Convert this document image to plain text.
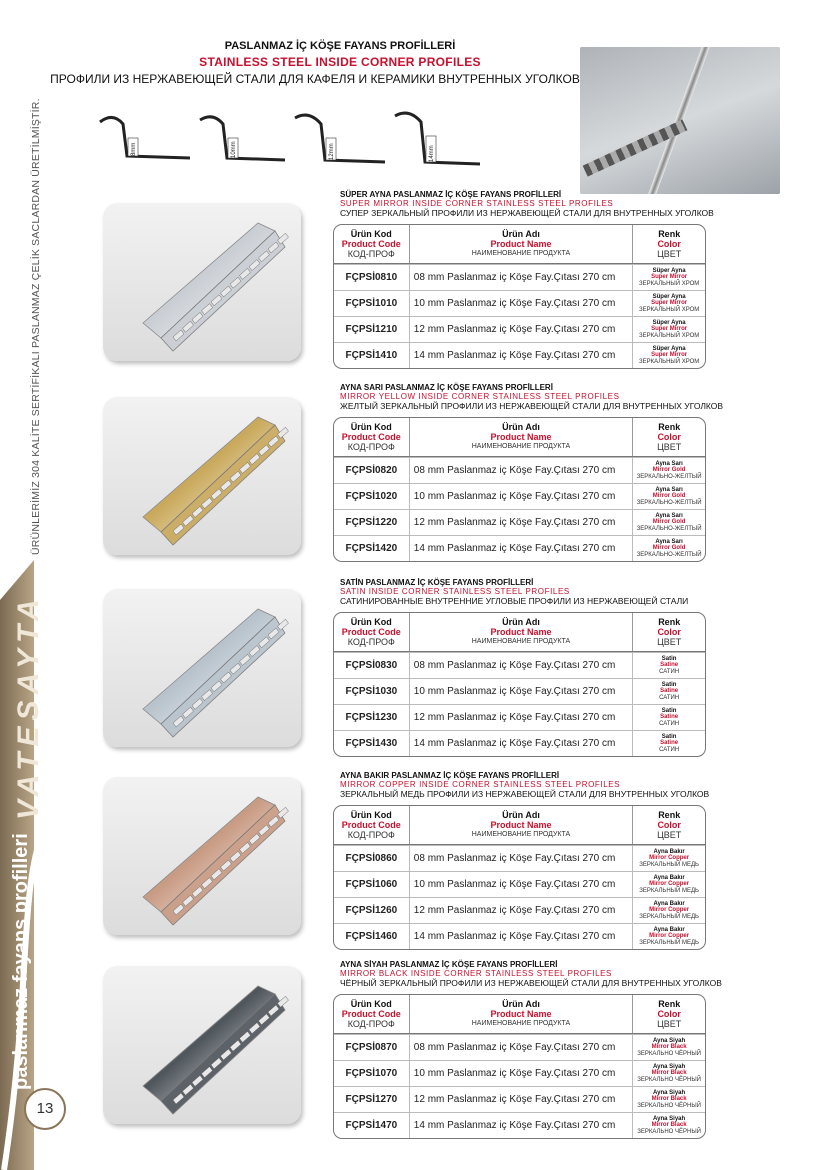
ÜRÜNLERİMİZ 304 KALİTE SERTİFİKALI PASLANMAZ ÇELİK SACLARDAN ÜRETİLMİŞTİR.
VATESAYTA
paslanmaz fayans profilleri
13
PASLANMAZ İÇ KÖŞE FAYANS PROFİLLERİ
STAINLESS STEEL INSIDE CORNER PROFILES
ПРОФИЛИ ИЗ НЕРЖАВЕЮЩЕЙ СТАЛИ ДЛЯ КАФЕЛЯ И КЕРАМИКИ ВНУТРЕННЫХ УГОЛКОВ
8mm	10mm	12mm	14mm
SÜPER AYNA PASLANMAZ İÇ KÖŞE FAYANS PROFİLLERİ
SUPER MIRROR INSIDE CORNER STAINLESS STEEL PROFILES
СУПЕР ЗЕРКАЛЬНЫЙ ПРОФИЛИ ИЗ НЕРЖАВЕЮЩЕЙ СТАЛИ ДЛЯ ВНУТРЕННЫХ УГОЛКОВ
Ürün Kod
Product Code
КОД-ПРОФ
Ürün Adı
Product Name
НАИМЕНОВАНИЕ ПРОДУКТА
Renk
Color
ЦВЕТ
FÇPSİ0810	08 mm Paslanmaz iç Köşe Fay.Çıtası 270 cm
Süper Ayna
Super Mirror
ЗЕРКАЛЬНЫЙ ХРОМ
FÇPSİ1010	10 mm Paslanmaz iç Köşe Fay.Çıtası 270 cm
Süper Ayna
Super Mirror
ЗЕРКАЛЬНЫЙ ХРОМ
FÇPSİ1210	12 mm Paslanmaz iç Köşe Fay.Çıtası 270 cm
Süper Ayna
Super Mirror
ЗЕРКАЛЬНЫЙ ХРОМ
FÇPSİ1410	14 mm Paslanmaz iç Köşe Fay.Çıtası 270 cm
Süper Ayna
Super Mirror
ЗЕРКАЛЬНЫЙ ХРОМ
AYNA SARI PASLANMAZ İÇ KÖŞE FAYANS PROFİLLERİ
MIRROR YELLOW INSIDE CORNER STAINLESS STEEL PROFILES
ЖЕЛТЫЙ ЗЕРКАЛЬНЫЙ ПРОФИЛИ ИЗ НЕРЖАВЕЮЩЕЙ СТАЛИ ДЛЯ ВНУТРЕННЫХ УГОЛКОВ
Ürün Kod
Product Code
КОД-ПРОФ
Ürün Adı
Product Name
НАИМЕНОВАНИЕ ПРОДУКТА
Renk
Color
ЦВЕТ
FÇPSİ0820	08 mm Paslanmaz iç Köşe Fay.Çıtası 270 cm
Ayna Sarı
Mirror Gold
ЗЕРКАЛЬНО-ЖЕЛТЫЙ
FÇPSİ1020	10 mm Paslanmaz iç Köşe Fay.Çıtası 270 cm
Ayna Sarı
Mirror Gold
ЗЕРКАЛЬНО-ЖЕЛТЫЙ
FÇPSİ1220	12 mm Paslanmaz iç Köşe Fay.Çıtası 270 cm
Ayna Sarı
Mirror Gold
ЗЕРКАЛЬНО-ЖЕЛТЫЙ
FÇPSİ1420	14 mm Paslanmaz iç Köşe Fay.Çıtası 270 cm
Ayna Sarı
Mirror Gold
ЗЕРКАЛЬНО-ЖЕЛТЫЙ
SATİN PASLANMAZ İÇ KÖŞE FAYANS PROFİLLERİ
SATIN INSIDE CORNER STAINLESS STEEL PROFILES
САТИНИРОВАННЫЕ ВНУТРЕННИЕ УГЛОВЫЕ ПРОФИЛИ ИЗ НЕРЖАВЕЮЩЕЙ СТАЛИ
Ürün Kod
Product Code
КОД-ПРОФ
Ürün Adı
Product Name
НАИМЕНОВАНИЕ ПРОДУКТА
Renk
Color
ЦВЕТ
FÇPSİ0830	08 mm Paslanmaz iç Köşe Fay.Çıtası 270 cm
Satin
Satine
САТИН
FÇPSİ1030	10 mm Paslanmaz iç Köşe Fay.Çıtası 270 cm
Satin
Satine
САТИН
FÇPSİ1230	12 mm Paslanmaz iç Köşe Fay.Çıtası 270 cm
Satin
Satine
САТИН
FÇPSİ1430	14 mm Paslanmaz iç Köşe Fay.Çıtası 270 cm
Satin
Satine
САТИН
AYNA BAKIR PASLANMAZ İÇ KÖŞE FAYANS PROFİLLERİ
MIRROR COPPER INSIDE CORNER STAINLESS STEEL PROFILES
ЗЕРКАЛЬНЫЙ МЕДЬ ПРОФИЛИ ИЗ НЕРЖАВЕЮЩЕЙ СТАЛИ ДЛЯ ВНУТРЕННЫХ УГОЛКОВ
Ürün Kod
Product Code
КОД-ПРОФ
Ürün Adı
Product Name
НАИМЕНОВАНИЕ ПРОДУКТА
Renk
Color
ЦВЕТ
FÇPSİ0860	08 mm Paslanmaz iç Köşe Fay.Çıtası 270 cm
Ayna Bakır
Mirror Copper
ЗЕРКАЛЬНЫЙ МЕДЬ
FÇPSİ1060	10 mm Paslanmaz iç Köşe Fay.Çıtası 270 cm
Ayna Bakır
Mirror Copper
ЗЕРКАЛЬНЫЙ МЕДЬ
FÇPSİ1260	12 mm Paslanmaz iç Köşe Fay.Çıtası 270 cm
Ayna Bakır
Mirror Copper
ЗЕРКАЛЬНЫЙ МЕДЬ
FÇPSİ1460	14 mm Paslanmaz iç Köşe Fay.Çıtası 270 cm
Ayna Bakır
Mirror Copper
ЗЕРКАЛЬНЫЙ МЕДЬ
AYNA SİYAH PASLANMAZ İÇ KÖŞE FAYANS PROFİLLERİ
MIRROR BLACK INSIDE CORNER STAINLESS STEEL PROFILES
ЧЁРНЫЙ ЗЕРКАЛЬНЫЙ ПРОФИЛИ ИЗ НЕРЖАВЕЮЩЕЙ СТАЛИ ДЛЯ ВНУТРЕННЫХ УГОЛКОВ
Ürün Kod
Product Code
КОД-ПРОФ
Ürün Adı
Product Name
НАИМЕНОВАНИЕ ПРОДУКТА
Renk
Color
ЦВЕТ
FÇPSİ0870	08 mm Paslanmaz iç Köşe Fay.Çıtası 270 cm
Ayna Siyah
Mirror Black
ЗЕРКАЛЬНО ЧЁРНЫЙ
FÇPSİ1070	10 mm Paslanmaz iç Köşe Fay.Çıtası 270 cm
Ayna Siyah
Mirror Black
ЗЕРКАЛЬНО ЧЁРНЫЙ
FÇPSİ1270	12 mm Paslanmaz iç Köşe Fay.Çıtası 270 cm
Ayna Siyah
Mirror Black
ЗЕРКАЛЬНО ЧЁРНЫЙ
FÇPSİ1470	14 mm Paslanmaz iç Köşe Fay.Çıtası 270 cm
Ayna Siyah
Mirror Black
ЗЕРКАЛЬНО ЧЁРНЫЙ
